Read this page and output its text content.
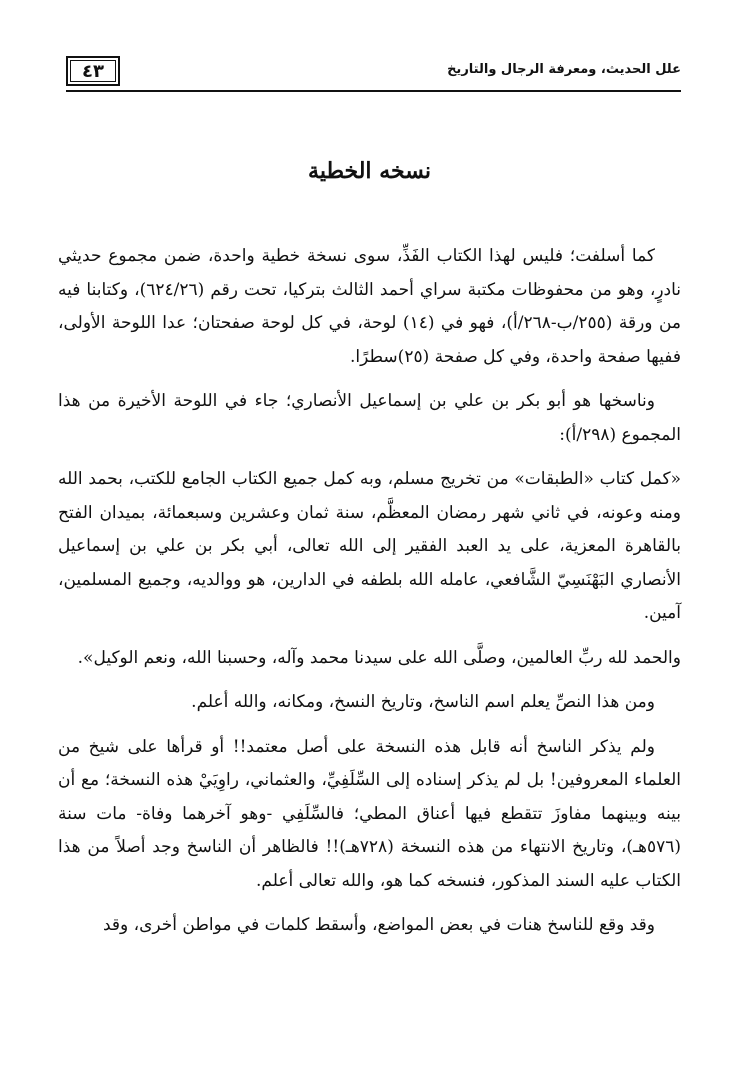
علل الحديث، ومعرفة الرجال والتاريخ
٤٣
نسخه الخطية

كما أسلفت؛ فليس لهذا الكتاب الفَذِّ، سوى نسخة خطية واحدة، ضمن مجموع حديثي نادرٍ، وهو من محفوظات مكتبة سراي أحمد الثالث بتركيا، تحت رقم (٦٢٤/٢٦)، وكتابنا فيه من ورقة (٢٥٥/ب-٢٦٨/أ)، فهو في (١٤) لوحة، في كل لوحة صفحتان؛ عدا اللوحة الأولى، ففيها صفحة واحدة، وفي كل صفحة (٢٥)سطرًا.

وناسخها هو أبو بكر بن علي بن إسماعيل الأنصاري؛ جاء في اللوحة الأخيرة من هذا المجموع (٢٩٨/أ):

«كمل كتاب «الطبقات» من تخريج مسلم، وبه كمل جميع الكتاب الجامع للكتب، بحمد الله ومنه وعونه، في ثاني شهر رمضان المعظَّم، سنة ثمان وعشرين وسبعمائة، بميدان الفتح بالقاهرة المعزية، على يد العبد الفقير إلى الله تعالى، أبي بكر بن علي بن إسماعيل الأنصاري البَهْنَسِيّ الشَّافعي، عامله الله بلطفه في الدارين، هو ووالديه، وجميع المسلمين، آمين.

والحمد لله ربِّ العالمين، وصلَّى الله على سيدنا محمد وآله، وحسبنا الله، ونعم الوكيل».

ومن هذا النصِّ يعلم اسم الناسخ، وتاريخ النسخ، ومكانه، والله أعلم.

ولم يذكر الناسخ أنه قابل هذه النسخة على أصل معتمد!! أو قرأها على شيخ من العلماء المعروفين! بل لم يذكر إسناده إلى السِّلَفِيِّ، والعثماني، راوِيَيْ هذه النسخة؛ مع أن بينه وبينهما مفاوزَ تتقطع فيها أعناق المطي؛ فالسِّلَفِي -وهو آخرهما وفاة- مات سنة (٥٧٦هـ)، وتاريخ الانتهاء من هذه النسخة (٧٢٨هـ)!! فالظاهر أن الناسخ وجد أصلاً من هذا الكتاب عليه السند المذكور، فنسخه كما هو، والله تعالى أعلم.

وقد وقع للناسخ هنات في بعض المواضع، وأسقط كلمات في مواطن أخرى، وقد
